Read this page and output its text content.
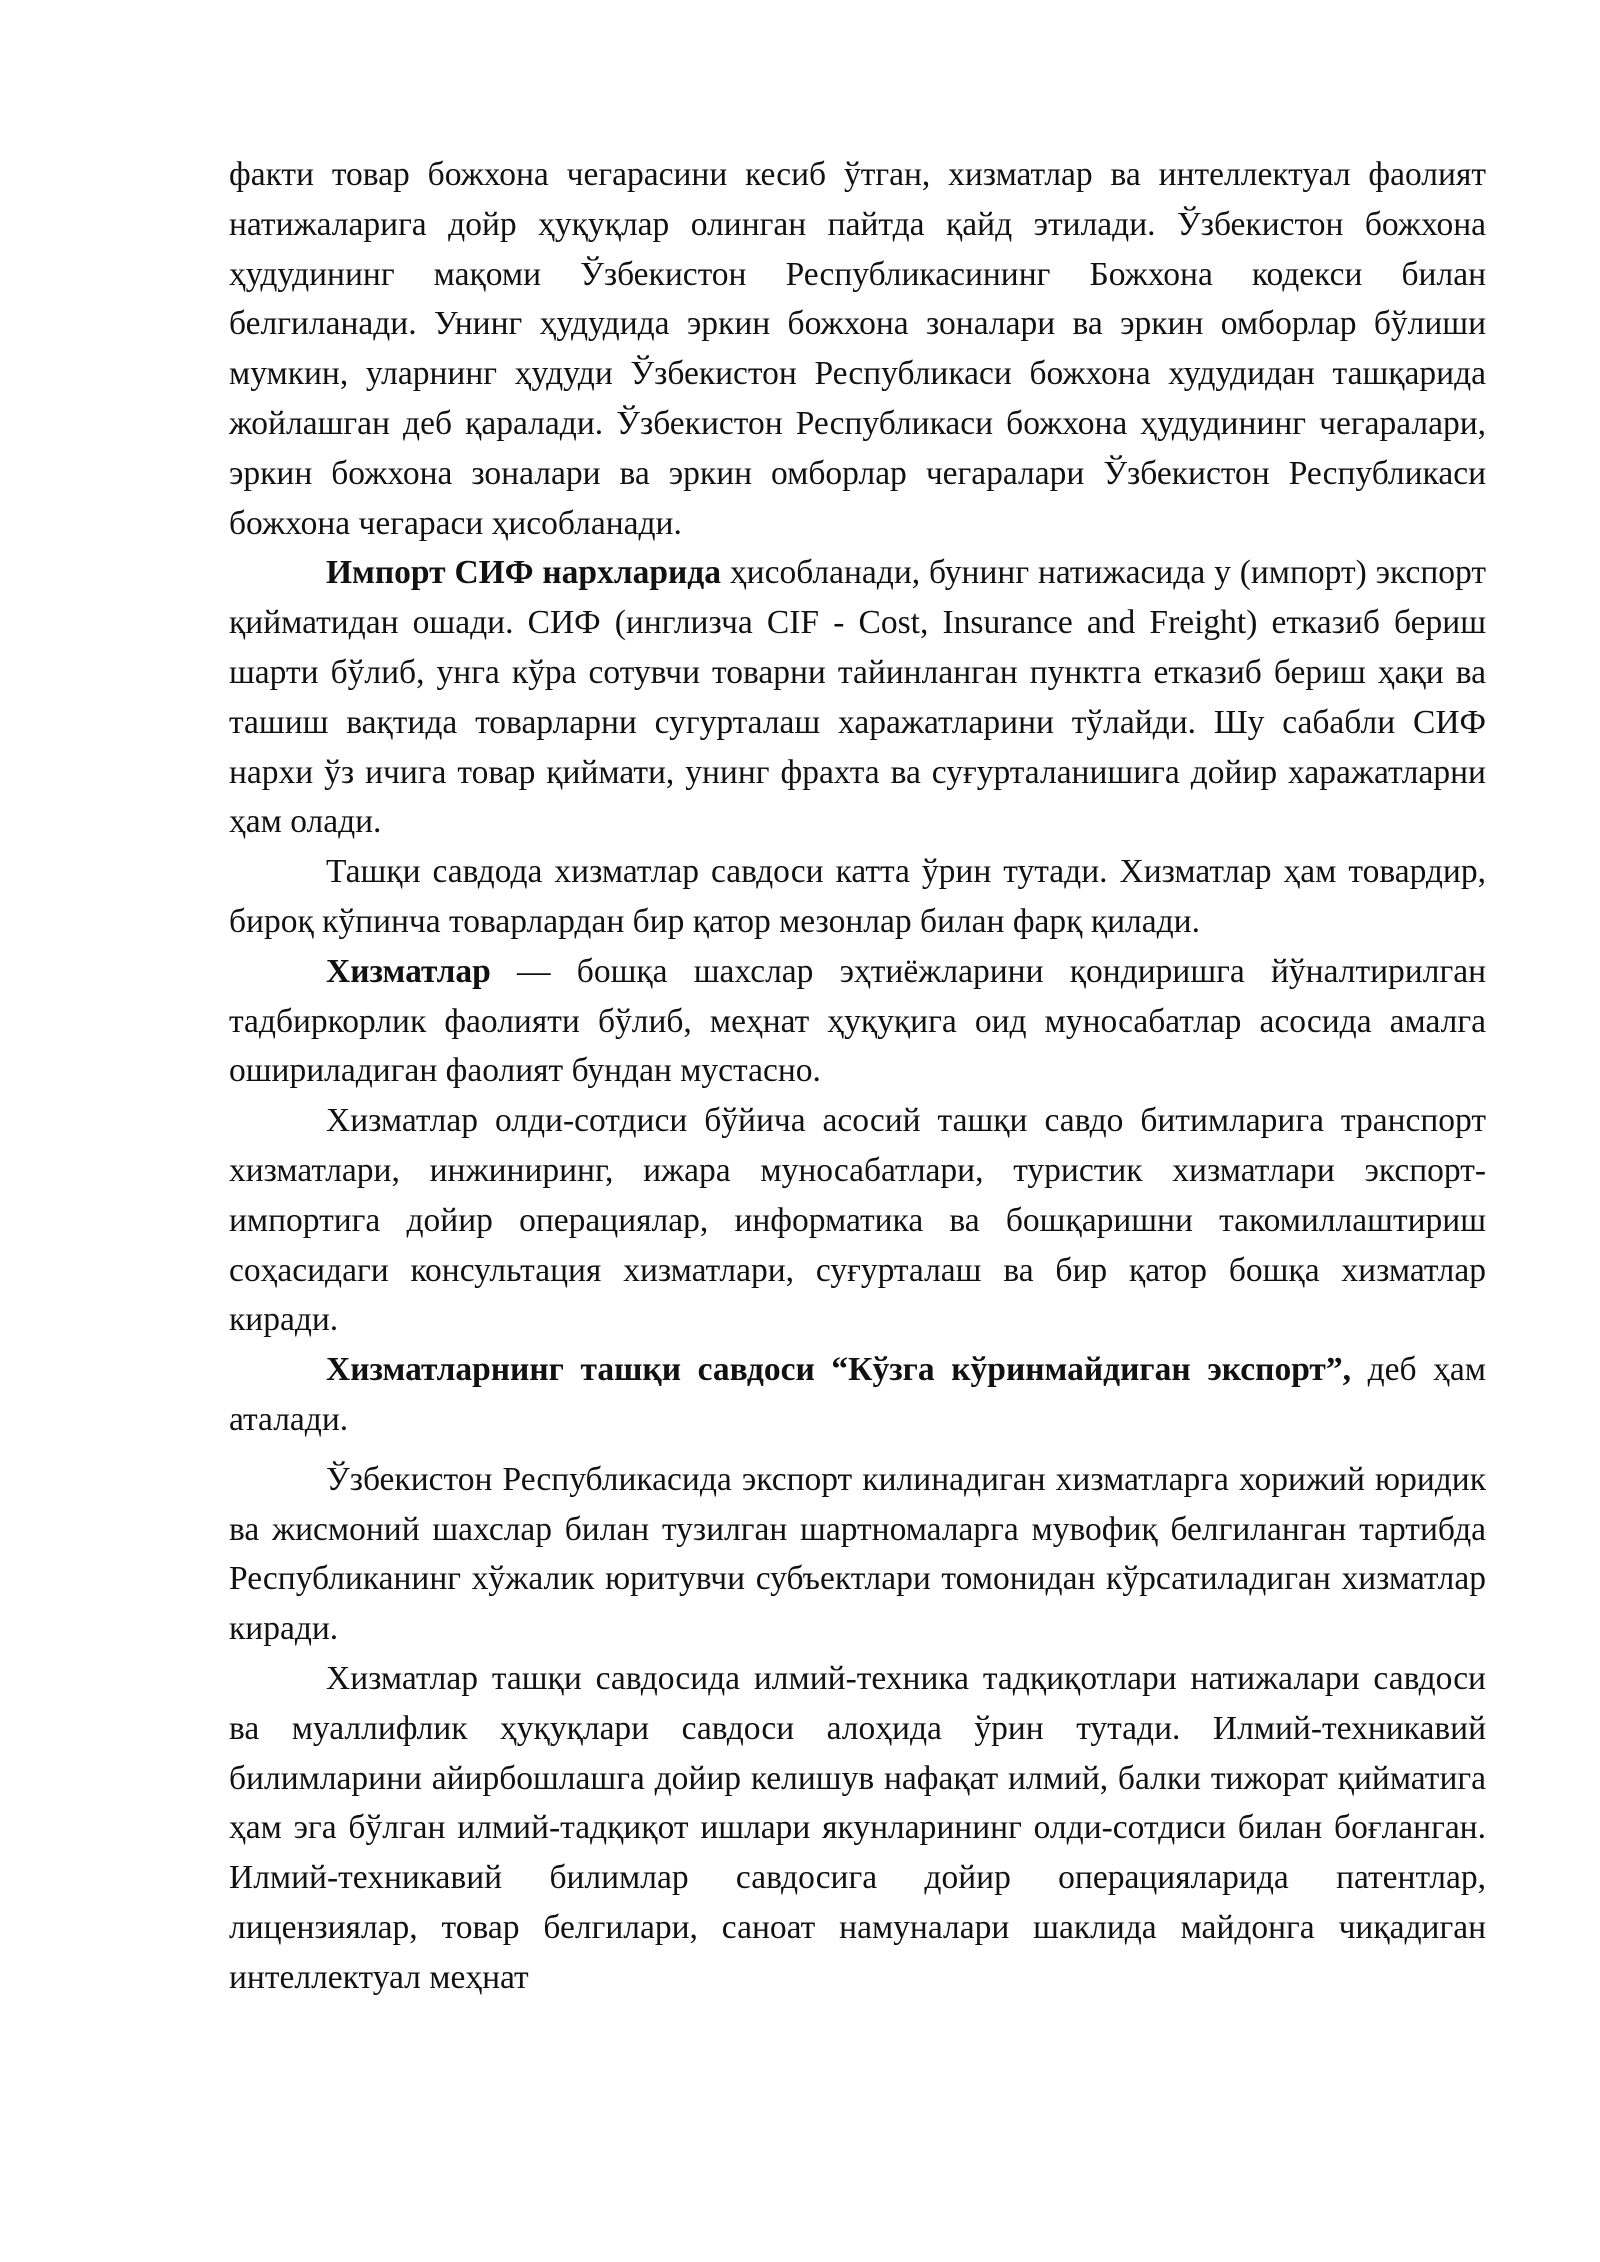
факти товар божхона чегарасини кесиб ўтган, хизматлар ва интеллектуал фаолият натижаларига дойр ҳуқуқлар олинган пайтда қайд этилади. Ўзбекистон божхона ҳудудининг мақоми Ўзбекистон Республикасининг Божхона кодекси билан белгиланади. Унинг ҳудудида эркин божхона зоналари ва эркин омборлар бўлиши мумкин, уларнинг ҳудуди Ўзбекистон Республикаси божхона худудидан ташқарида жойлашган деб қаралади. Ўзбекистон Республикаси божхона ҳудудининг чегаралари, эркин божхона зоналари ва эркин омборлар чегаралари Ўзбекистон Республикаси божхона чегараси ҳисобланади.

Импорт СИФ нархларида ҳисобланади, бунинг натижасида у (импорт) экспорт қийматидан ошади. СИФ (инглизча CIF - Cost, Insurance and Freight) етказиб бериш шарти бўлиб, унга кўра сотувчи товарни тайинланган пунктга етказиб бериш ҳақи ва ташиш вақтида товарларни сугурталаш харажатларини тўлайди. Шу сабабли СИФ нархи ўз ичига товар қиймати, унинг фрахта ва суғурталанишига дойир харажатларни ҳам олади.

Ташқи савдода хизматлар савдоси катта ўрин тутади. Хизматлар ҳам товардир, бироқ кўпинча товарлардан бир қатор мезонлар билан фарқ қилади.

Хизматлар — бошқа шахслар эҳтиёжларини қондиришга йўналтирилган тадбиркорлик фаолияти бўлиб, меҳнат ҳуқуқига оид муносабатлар асосида амалга ошириладиган фаолият бундан мустасно.

Хизматлар олди-сотдиси бўйича асосий ташқи савдо битимларига транспорт хизматлари, инжиниринг, ижара муносабатлари, туристик хизматлари экспорт-импортига дойир операциялар, информатика ва бошқаришни такомиллаштириш соҳасидаги консультация хизматлари, суғурталаш ва бир қатор бошқа хизматлар киради.

Хизматларнинг ташқи савдоси “Кўзга кўринмайдиган экспорт”, деб ҳам аталади.

Ўзбекистон Республикасида экспорт килинадиган хизматларга хорижий юридик ва жисмоний шахслар билан тузилган шартномаларга мувофиқ белгиланган тартибда Республиканинг хўжалик юритувчи субъектлари томонидан кўрсатиладиган хизматлар киради.

Хизматлар ташқи савдосида илмий-техника тадқиқотлари натижалари савдоси ва муаллифлик ҳуқуқлари савдоси алоҳида ўрин тутади. Илмий-техникавий билимларини айирбошлашга дойир келишув нафақат илмий, балки тижорат қийматига ҳам эга бўлган илмий-тадқиқот ишлари якунларининг олди-сотдиси билан боғланган. Илмий-техникавий билимлар савдосига дойир операцияларида патентлар, лицензиялар, товар белгилари, саноат намуналари шаклида майдонга чиқадиган интеллектуал меҳнат
